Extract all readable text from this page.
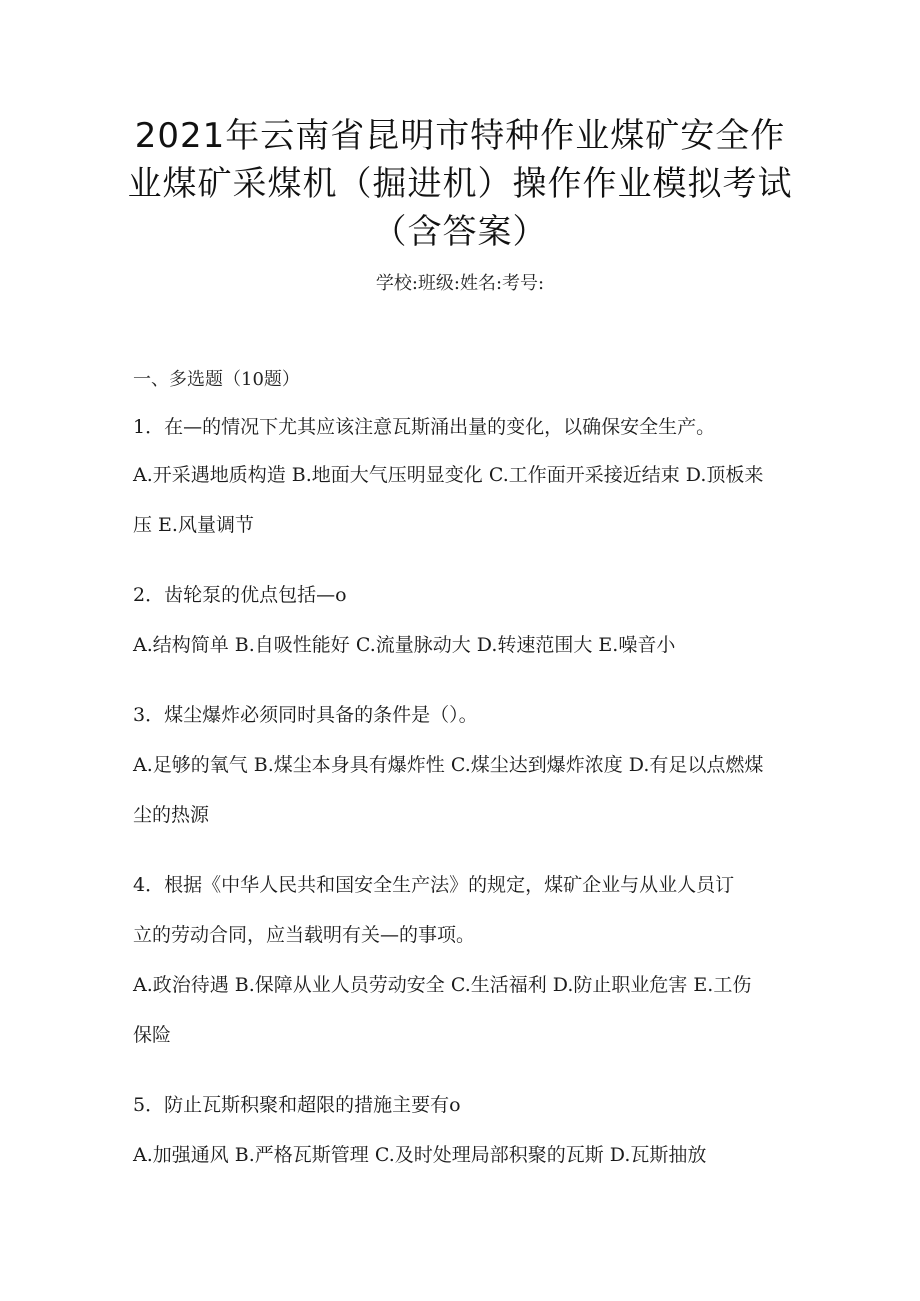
2021年云南省昆明市特种作业煤矿安全作
业煤矿采煤机（掘进机）操作作业模拟考试
（含答案）
学校:班级:姓名:考号:
一、多选题（10题）
1．在—的情况下尤其应该注意瓦斯涌出量的变化，以确保安全生产。
A.开采遇地质构造 B.地面大气压明显变化 C.工作面开采接近结束 D.顶板来
压 E.风量调节
2．齿轮泵的优点包括—o
A.结构简单 B.自吸性能好 C.流量脉动大 D.转速范围大 E.噪音小
3．煤尘爆炸必须同时具备的条件是（）。
A.足够的氧气 B.煤尘本身具有爆炸性 C.煤尘达到爆炸浓度 D.有足以点燃煤
尘的热源
4．根据《中华人民共和国安全生产法》的规定，煤矿企业与从业人员订
立的劳动合同，应当载明有关—的事项。
A.政治待遇 B.保障从业人员劳动安全 C.生活福利 D.防止职业危害 E.工伤
保险
5．防止瓦斯积聚和超限的措施主要有o
A.加强通风 B.严格瓦斯管理 C.及时处理局部积聚的瓦斯 D.瓦斯抽放
